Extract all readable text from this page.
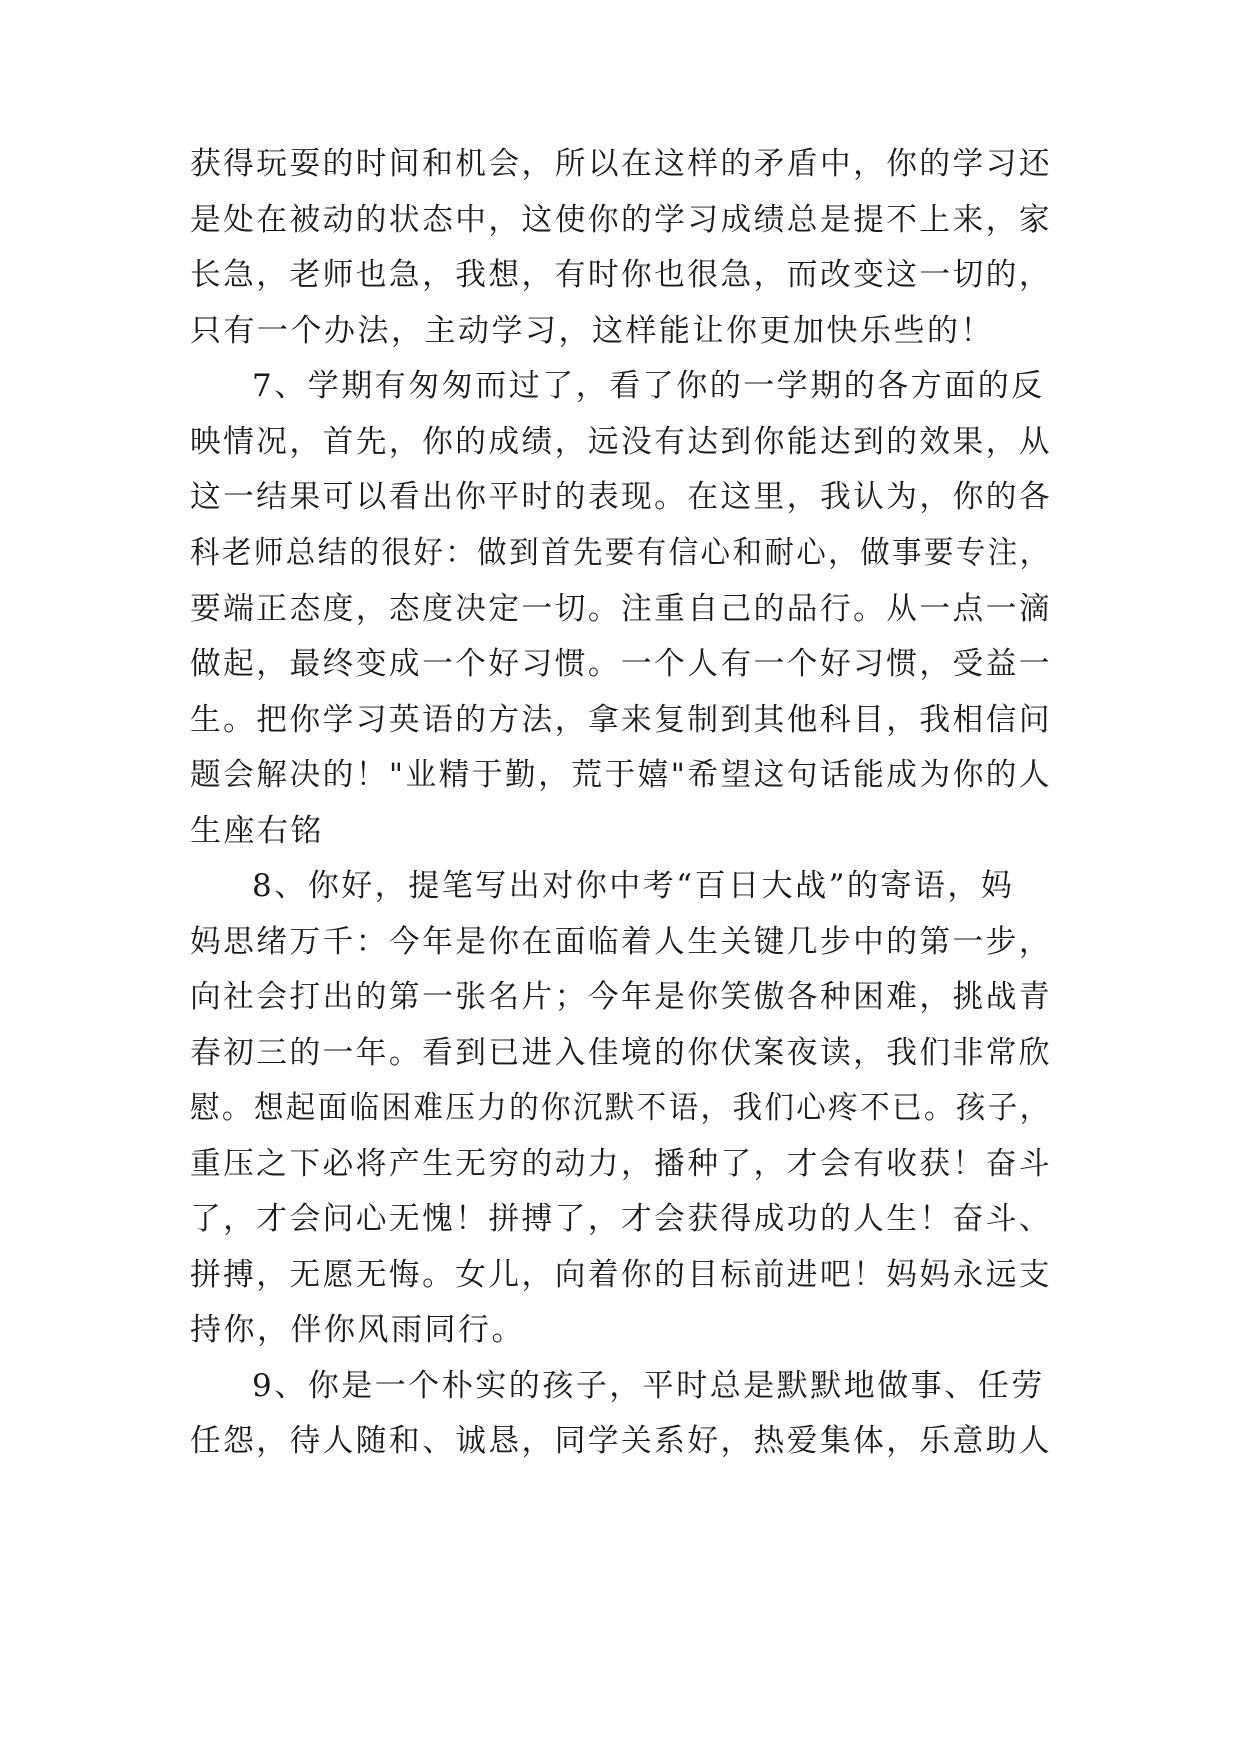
获得玩耍的时间和机会，所以在这样的矛盾中，你的学习还
是处在被动的状态中，这使你的学习成绩总是提不上来，家
长急，老师也急，我想，有时你也很急，而改变这一切的，
只有一个办法，主动学习，这样能让你更加快乐些的！
7、学期有匆匆而过了，看了你的一学期的各方面的反
映情况，首先，你的成绩，远没有达到你能达到的效果，从
这一结果可以看出你平时的表现。在这里，我认为，你的各
科老师总结的很好：做到首先要有信心和耐心，做事要专注，
要端正态度，态度决定一切。注重自己的品行。从一点一滴
做起，最终变成一个好习惯。一个人有一个好习惯，受益一
生。把你学习英语的方法，拿来复制到其他科目，我相信问
题会解决的！"业精于勤，荒于嬉"希望这句话能成为你的人
生座右铭
8、你好，提笔写出对你中考“百日大战”的寄语，妈
妈思绪万千：今年是你在面临着人生关键几步中的第一步，
向社会打出的第一张名片；今年是你笑傲各种困难，挑战青
春初三的一年。看到已进入佳境的你伏案夜读，我们非常欣
慰。想起面临困难压力的你沉默不语，我们心疼不已。孩子，
重压之下必将产生无穷的动力，播种了，才会有收获！奋斗
了，才会问心无愧！拼搏了，才会获得成功的人生！奋斗、
拼搏，无愿无悔。女儿，向着你的目标前进吧！妈妈永远支
持你，伴你风雨同行。
9、你是一个朴实的孩子，平时总是默默地做事、任劳
任怨，待人随和、诚恳，同学关系好，热爱集体，乐意助人
